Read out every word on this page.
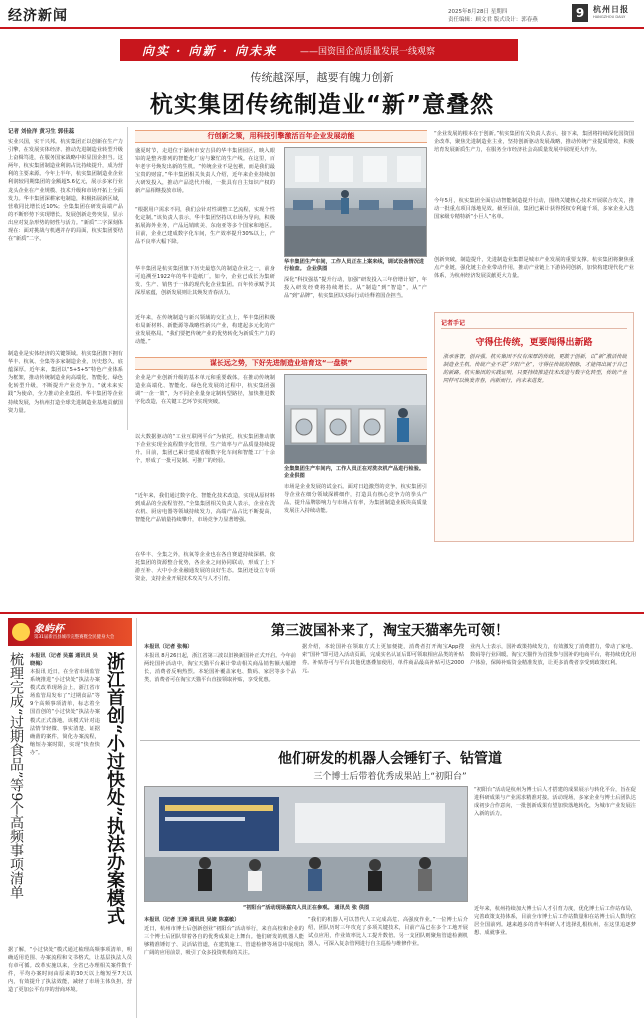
经济新闻	2025年8月28日 星期四
责任编辑：顾文君 版式设计：郭春燕	9	杭州日报
HANGZHOU DAILY
向实 · 向新 · 向未来	——国资国企高质量发展一线观察
传统越深厚，越要有魄力创新
杭实集团传统制造业“新”意叠然
记者 刘俭洋 黄习生 郭佳蕊
实业兴国，实干兴邦。杭实集团正以创新在生产力引擎，在发展实体经济、推动先进制造业转型升级上奋楫笃进，在服务国家战略中彰显国企担当。这两年，杭实集团制造业利润占比持续提升，成为营利的主要来源。今年上半年，杭实集团制造业企业利润较同期集团的金额超5.6亿元，展示多家行业龙头企业在产业规模、技术升级和市场开拓上全面发力。华丰集团深耕家电制造，积极拓展新区域，营收同比增长近10%；全集集团在研发高端产品的不断形势下实现增长。发展创新走势突显，显示出应对复杂形势的韧性与活力。“新质”二字深刻体现在：面对挑战与机遇并存的局面，杭实集团要结在“新质”二字。
制造业是实体经济的关键领域。杭实集团旗下拥有华丰、杭氧、全集等多家制造企业，历史悠久、底蕴深厚。近年来，集团以“5+5+5”特色产业体系为框架，推动传统制造业向高端化、智能化、绿色化转型升级，不断提升产业竞争力。“就未来实践”为使命，全力推动企业集团、华丰集团等企业持续发展，为杭州打造全球先进制造业基地贡献国资力量。
行创新之策，用科技引擎激活百年企业发展动能
盛夏时节，走进位于湖州市安吉县的华丰集团园区，映入眼帘的是整齐排列的智能化厂房与繁忙的生产线。在这里，百年老字号焕发出新的生机。“传统企业不是包袱，而是我们最宝贵的财富。”华丰集团相关负责人介绍，近年来企业持续加大研发投入，推动产品迭代升级，一批具有自主知识产权的新产品相继投放市场。
“根据用户需求不同，我们会针对性调整工艺流程，实现个性化定制。”该负责人表示，华丰集团坚持以市场为导向，积极拓展海外业务，产品远销欧美、东南亚等多个国家和地区。目前，企业已建成数字化车间，生产效率提升30%以上，产品不良率大幅下降。
华丰集团是杭实集团旗下历史最悠久的制造企业之一，前身可追溯至1922年的华丰造纸厂。如今，企业已成长为集研发、生产、销售于一体的现代化企业集团。百年传承赋予其深厚底蕴，创新发展则让其焕发青春活力。
近年来，在传统制造与新兴领域的交汇点上，华丰集团积极布局新材料、新能源等战略性新兴产业，构建起多元化的产业发展格局。“我们要把传统产业的优势转化为新质生产力的动能。”
华丰集团生产车间，工作人员正在上案来线，调试设备情况进行检查。 企业供图
深化“科技强基”提升行动，加强“研发投入三年倍增计划”，年投入研发经费将持续增长。从“制造”到“智造”，从“产品”到“品牌”，杭实集团以实际行动诠释着国企担当。
“企业发展的根本在于创新。”杭实集团有关负责人表示，接下来，集团将持续深化国资国企改革，聚焦先进制造业主业，坚持创新驱动发展战略，推动传统产业提质增效，积极培育发展新质生产力，在服务全市经济社会高质量发展中展现更大作为。
今年5月，杭实集团全面启动智能制造提升行动，围绕关键核心技术开展联合攻关，推动一批重点项目落地见效。截至目前，集团已累计获得授权专利逾千项，多家企业入选国家级专精特新“小巨人”名单。
创新突破，制造提升，先进制造业集群是城市产业发展的重要支撑。杭实集团将聚焦重点产业链，强化链主企业带动作用，推动产业链上下游协同创新，加快构建现代化产业体系，为杭州经济发展贡献更大力量。
谋长远之势，下好先进制造业培育这“一盘棋”
企业是产业创新升级的基本单元和重要载体。在推动传统制造业高端化、智能化、绿色化发展的过程中，杭实集团强调“一企一策”，为不同企业量身定制转型路径，加快推进数字化改造，在关键工艺环节实现突破。
以大数据驱动的“工业互联网平台”为依托，杭实集团推动旗下企业实现全流程数字化管理，生产效率与产品质量持续提升。目前，集团已累计建成省级数字化车间和智能工厂十余个，形成了一批可复制、可推广的经验。
“近年来，我们通过数字化、智能化技术改造，实现从原材料到成品的全流程管控。”全集集团相关负责人表示，企业在洗衣机、厨房电器等领域持续发力，高端产品占比不断提高，智能化产品销量持续攀升，市场竞争力显著增强。
在华丰、全集之外，杭氧等企业也在各自赛道持续深耕。依托集团的资源整合优势，各企业之间协同联动，形成了上下游互补、大中小企业融通发展的良好生态。集团还设立专项资金，支持企业开展技术攻关与人才引育。
全集集团生产车间内，工作人员正在对洗衣机产品进行检验。 企业供图
市场是企业发展的试金石。面对日趋激烈的竞争，杭实集团引导企业在细分领域深耕细作，打造具有核心竞争力的拳头产品，提升品牌影响力与市场占有率，为集团制造业板块高质量发展注入持续动能。
记者手记
守得住传统，更要闯得出新路
浙承客智，创百强。杭实集团不仅有深厚的传统，更敢于创新，以“新”激活传统制造业生机。传统产业不是“夕阳产业”，守得住传统的根脉，才能闯出属于自己的新路。杭实集团的实践证明，只要持续推进技术改造与数字化转型，传统产业同样可以焕发青春，向新而行，向未来进发。
象屿杯
第31届新昌县城市完整赛暨全民健身大会
浙江首创“小过快处”执法办案模式
梳理完成“过期食品”等9个高频事项清单 本报讯（记者 吴嘉 通讯员 吴晓梅）
本报讯 近日，在全省市场监管系统推进“小过快处”执法办案模式改革现场会上，浙江省市场监管局发布了“过期食品”等9个高频事项清单，标志着全国首创的“小过快处”执法办案模式正式落地。该模式针对违法情节轻微、事实清楚、证据确凿的案件，简化办案流程，缩短办案时限，实现“快查快办”。
据了解，“小过快处”模式通过梳理高频事项清单，明确适用范围、办案流程和文书格式，让基层执法人员有章可循。改革实施以来，全省已办理相关案件数千件，平均办案时间由原来的30天以上缩短至7天以内，有效提升了执法效能，减轻了市场主体负担，营造了更加公平有序的营商环境。
第三波国补来了，淘宝天猫率先可领！
本报讯（记者 张梅）
本报讯 8月26日起，浙江省第三波以旧换新国补正式开启。今年前两轮国补活动中，淘宝天猫平台累计带动相关商品销售额大幅增长，消费者反响热烈。本轮国补覆盖家电、数码、家居等多个品类，消费者可在淘宝天猫平台直接领取补贴，享受优惠。
据介绍，本轮国补在领取方式上更加便捷，消费者打开淘宝App搜索“国补”即可进入活动页面，完成实名认证后即可领取相应品类的补贴券。补贴券可与平台其他优惠叠加使用，单件商品最高补贴可达2000元。
业内人士表示，国补政策持续发力，有效激发了消费潜力，带动了家电、数码等行业回暖。淘宝天猫作为首批参与国补的电商平台，将持续优化用户体验，保障补贴资金精准发放，让更多消费者享受到政策红利。
他们研发的机器人会锤钉子、钻管道
三个博士后带着优秀成果站上“初阳台”
“初阳台”活动现场嘉宾人员正在参观。 通讯员 张 供图
本报讯（记者 王涛 通讯员 吴婕 陈嘉敏）
近日，杭州市博士后创新创业“初阳台”活动举行，来自高校和企业的三个博士后团队带着各自的优秀成果走上舞台。他们研发的机器人能够精准锤钉子、灵活钻管道，在建筑施工、管道检修等场景中展现出广阔的应用前景，吸引了众多投资机构的关注。
“我们的机器人可以替代人工完成高危、高强度作业。”一位博士后介绍，团队历时三年攻克了多项关键技术，目前产品已在多个工地开展试点应用，作业效率比人工提升数倍。另一支团队则聚焦管道检测机器人，可深入复杂管网进行自主巡检与维修作业。
“初阳台”活动是杭州为博士后人才搭建的成果展示与转化平台，旨在促进科研成果与产业需求精准对接。活动现场，多家企业与博士后团队达成初步合作意向，一批创新成果有望加快落地转化，为城市产业发展注入新的活力。
近年来，杭州持续加大博士后人才引育力度，优化博士后工作站布局，完善政策支持体系，目前全市博士后工作站数量和在站博士后人数均位居全国前列。越来越多的青年科研人才选择扎根杭州，在这里追逐梦想、成就事业。
